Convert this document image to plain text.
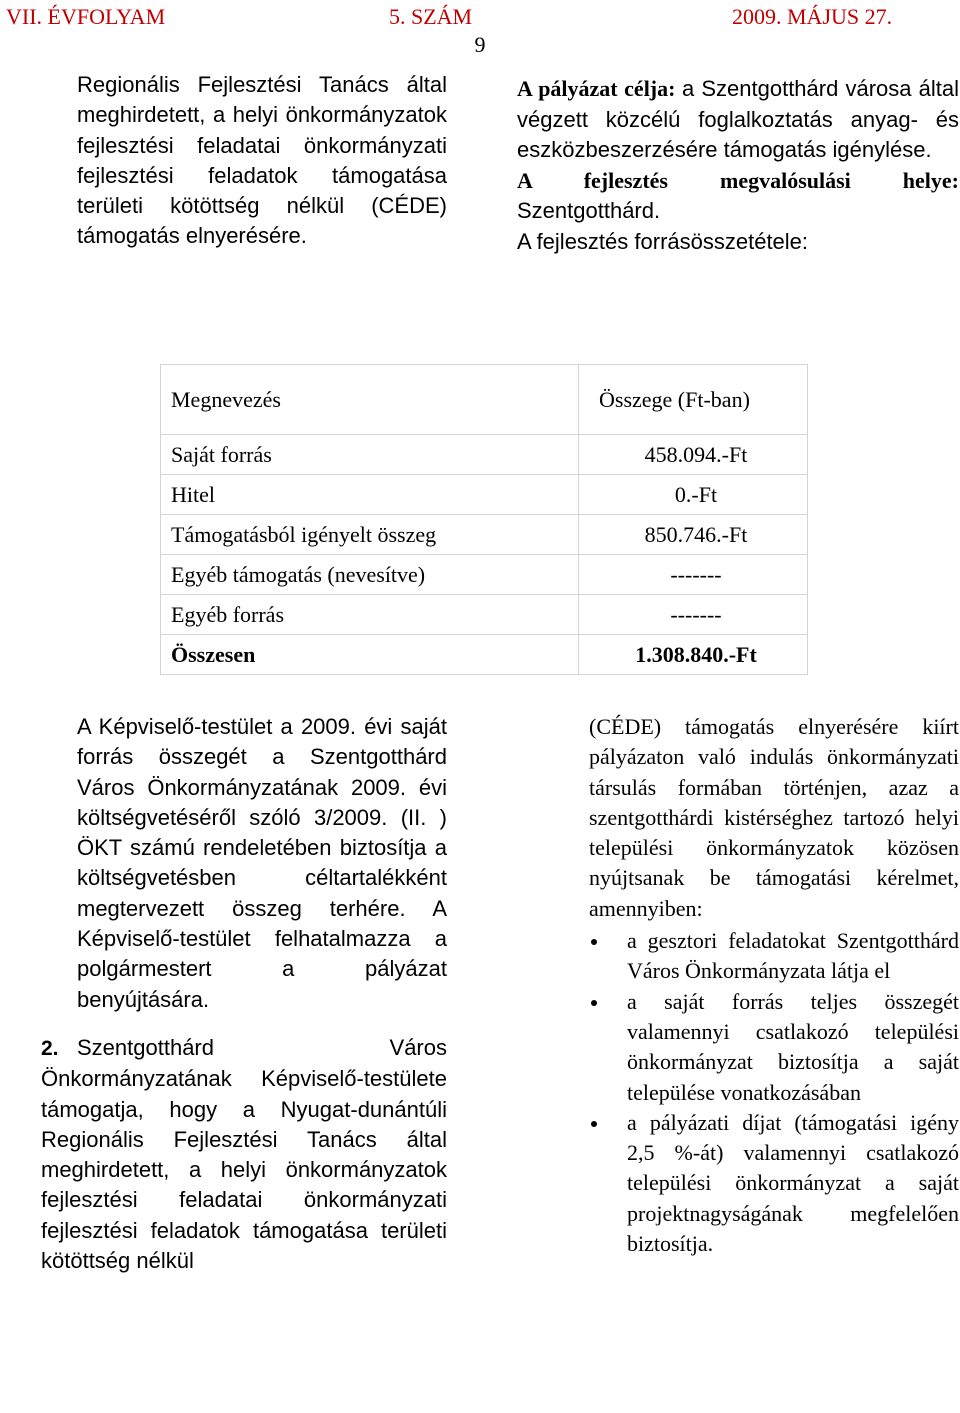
VII. ÉVFOLYAM	5. SZÁM	2009. MÁJUS 27.
9

Regionális Fejlesztési Tanács által meghirdetett, a helyi önkormányzatok fejlesztési feladatai önkormányzati fejlesztési feladatok támogatása területi kötöttség nélkül (CÉDE) támogatás elnyerésére.

A pályázat célja: a Szentgotthárd városa által végzett közcélú foglalkoztatás anyag- és eszközbeszerzésére támogatás igénylése.

A fejlesztés megvalósulási helye: Szentgotthárd.

A fejlesztés forrásösszetétele:

Megnevezés	Összege (Ft-ban)
Saját forrás	458.094.-Ft
Hitel	0.-Ft
Támogatásból igényelt összeg	850.746.-Ft
Egyéb támogatás (nevesítve)	-------
Egyéb forrás	-------
Összesen	1.308.840.-Ft

A Képviselő-testület a 2009. évi saját forrás összegét a Szentgotthárd Város Önkormányzatának 2009. évi költségvetéséről szóló 3/2009. (II. ) ÖKT számú rendeletében biztosítja a költségvetésben céltartalékként megtervezett összeg terhére. A Képviselő-testület felhatalmazza a polgármestert a pályázat benyújtására.

2. Szentgotthárd Város Önkormányzatának Képviselő-testülete támogatja, hogy a Nyugat-dunántúli Regionális Fejlesztési Tanács által meghirdetett, a helyi önkormányzatok fejlesztési feladatai önkormányzati fejlesztési feladatok támogatása területi kötöttség nélkül

(CÉDE) támogatás elnyerésére kiírt pályázaton való indulás önkormányzati társulás formában történjen, azaz a szentgotthárdi kistérséghez tartozó helyi települési önkormányzatok közösen nyújtsanak be támogatási kérelmet, amennyiben:

a gesztori feladatokat Szentgotthárd Város Önkormányzata látja el
a saját forrás teljes összegét valamennyi csatlakozó települési önkormányzat biztosítja a saját települése vonatkozásában
a pályázati díjat (támogatási igény 2,5 %-át) valamennyi csatlakozó települési önkormányzat a saját projektnagyságának megfelelően biztosítja.
